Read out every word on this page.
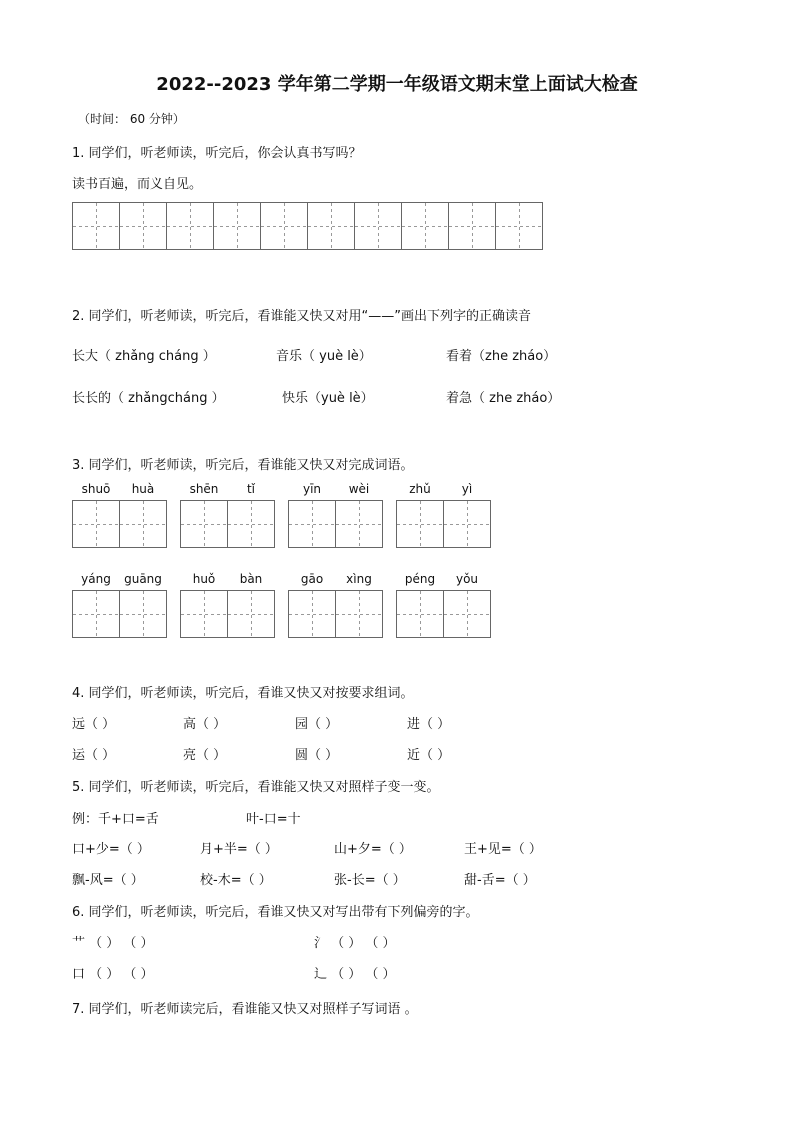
2022--2023 学年第二学期一年级语文期末堂上面试大检查
（时间： 60 分钟）
1. 同学们，听老师读，听完后，你会认真书写吗？
读书百遍，而义自见。
2. 同学们，听老师读，听完后，看谁能又快又对用“——”画出下列字的正确读音
长大（ zhǎng cháng ）	音乐（ yuè lè）	看着（zhe zháo）
长长的（ zhǎngcháng ）	快乐（yuè lè）	着急（ zhe zháo）
3. 同学们，听老师读，听完后，看谁能又快又对完成词语。
shuō	huà	shēn	tǐ	yīn	wèi	zhǔ	yì
yáng	guāng	huǒ	bàn	gāo	xìng	péng	yǒu
4. 同学们，听老师读，听完后，看谁又快又对按要求组词。
远（ ）	高（ ）	园（ ）	进（ ）
运（ ）	亮（ ）	圆（ ）	近（ ）
5. 同学们，听老师读，听完后，看谁能又快又对照样子变一变。
例：千+口=舌	叶-口=十
口+少=（ ）	月+半=（ ）	山+夕=（ ）	王+见=（ ）
飘-风=（ ）	校-木=（ ）	张-长=（ ）	甜-舌=（ ）
6. 同学们，听老师读，听完后，看谁又快又对写出带有下列偏旁的字。
艹 （ ） （ ）	氵 （ ） （ ）
口 （ ） （ ）	辶 （ ） （ ）
7. 同学们，听老师读完后，看谁能又快又对照样子写词语 。
